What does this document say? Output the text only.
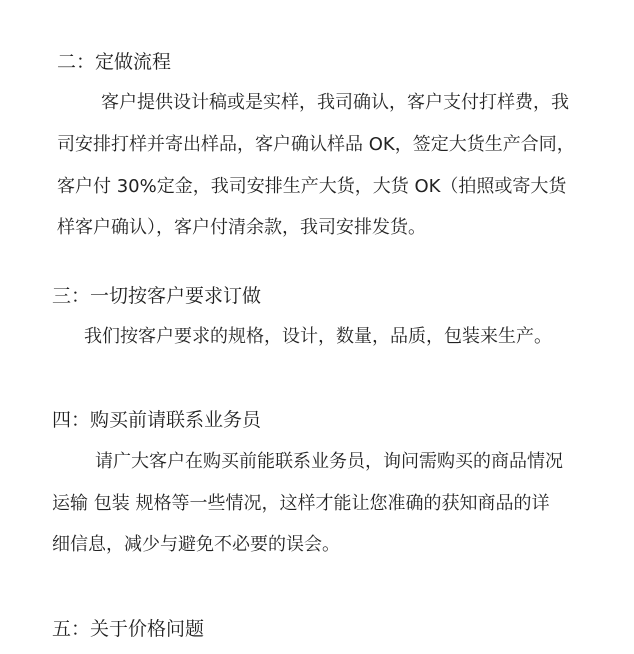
二：定做流程
客户提供设计稿或是实样，我司确认，客户支付打样费，我
司安排打样并寄出样品，客户确认样品 OK，签定大货生产合同，
客户付 30%定金，我司安排生产大货，大货 OK（拍照或寄大货
样客户确认），客户付清余款，我司安排发货。
三：一切按客户要求订做
我们按客户要求的规格，设计，数量，品质，包装来生产。
四：购买前请联系业务员
请广大客户在购买前能联系业务员，询问需购买的商品情况
运输 包装 规格等一些情况，这样才能让您准确的获知商品的详
细信息，减少与避免不必要的误会。
五：关于价格问题
